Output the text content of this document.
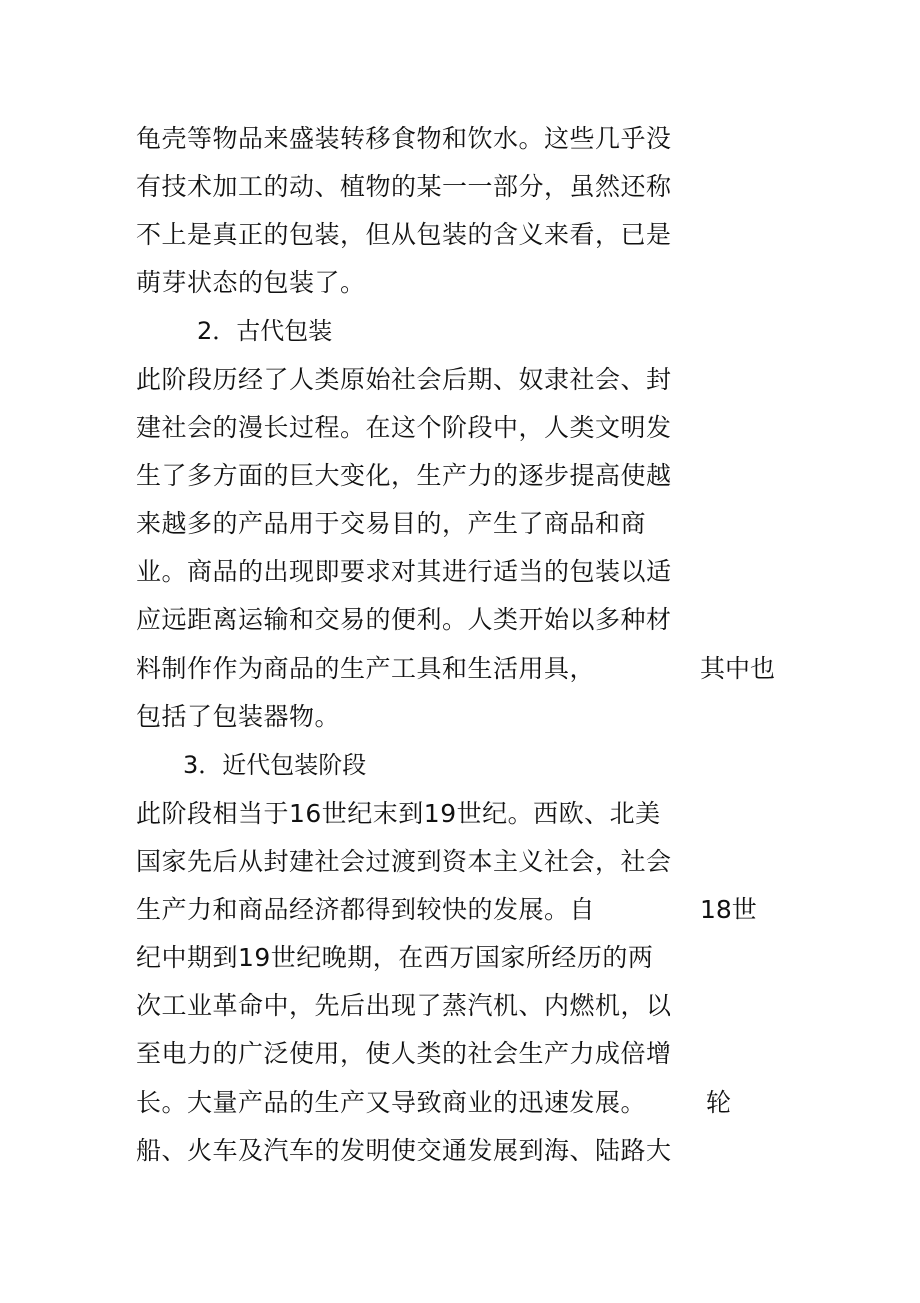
龟壳等物品来盛装转移食物和饮水。这些几乎没
有技术加工的动、植物的某一一部分，虽然还称
不上是真正的包装，但从包装的含义来看，已是
萌芽状态的包装了。
2．古代包装
此阶段历经了人类原始社会后期、奴隶社会、封
建社会的漫长过程。在这个阶段中，人类文明发
生了多方面的巨大变化，生产力的逐步提高使越
来越多的产品用于交易目的，产生了商品和商
业。商品的出现即要求对其进行适当的包装以适
应远距离运输和交易的便利。人类开始以多种材
料制作作为商品的生产工具和生活用具，	其中也
包括了包装器物。
3．近代包装阶段
此阶段相当于16世纪末到19世纪。西欧、北美
国家先后从封建社会过渡到资本主义社会，社会
生产力和商品经济都得到较快的发展。自	18世
纪中期到19世纪晚期，在西万国家所经历的两
次工业革命中，先后出现了蒸汽机、内燃机，以
至电力的广泛使用，使人类的社会生产力成倍增
长。大量产品的生产又导致商业的迅速发展。 轮
船、火车及汽车的发明使交通发展到海、陆路大
